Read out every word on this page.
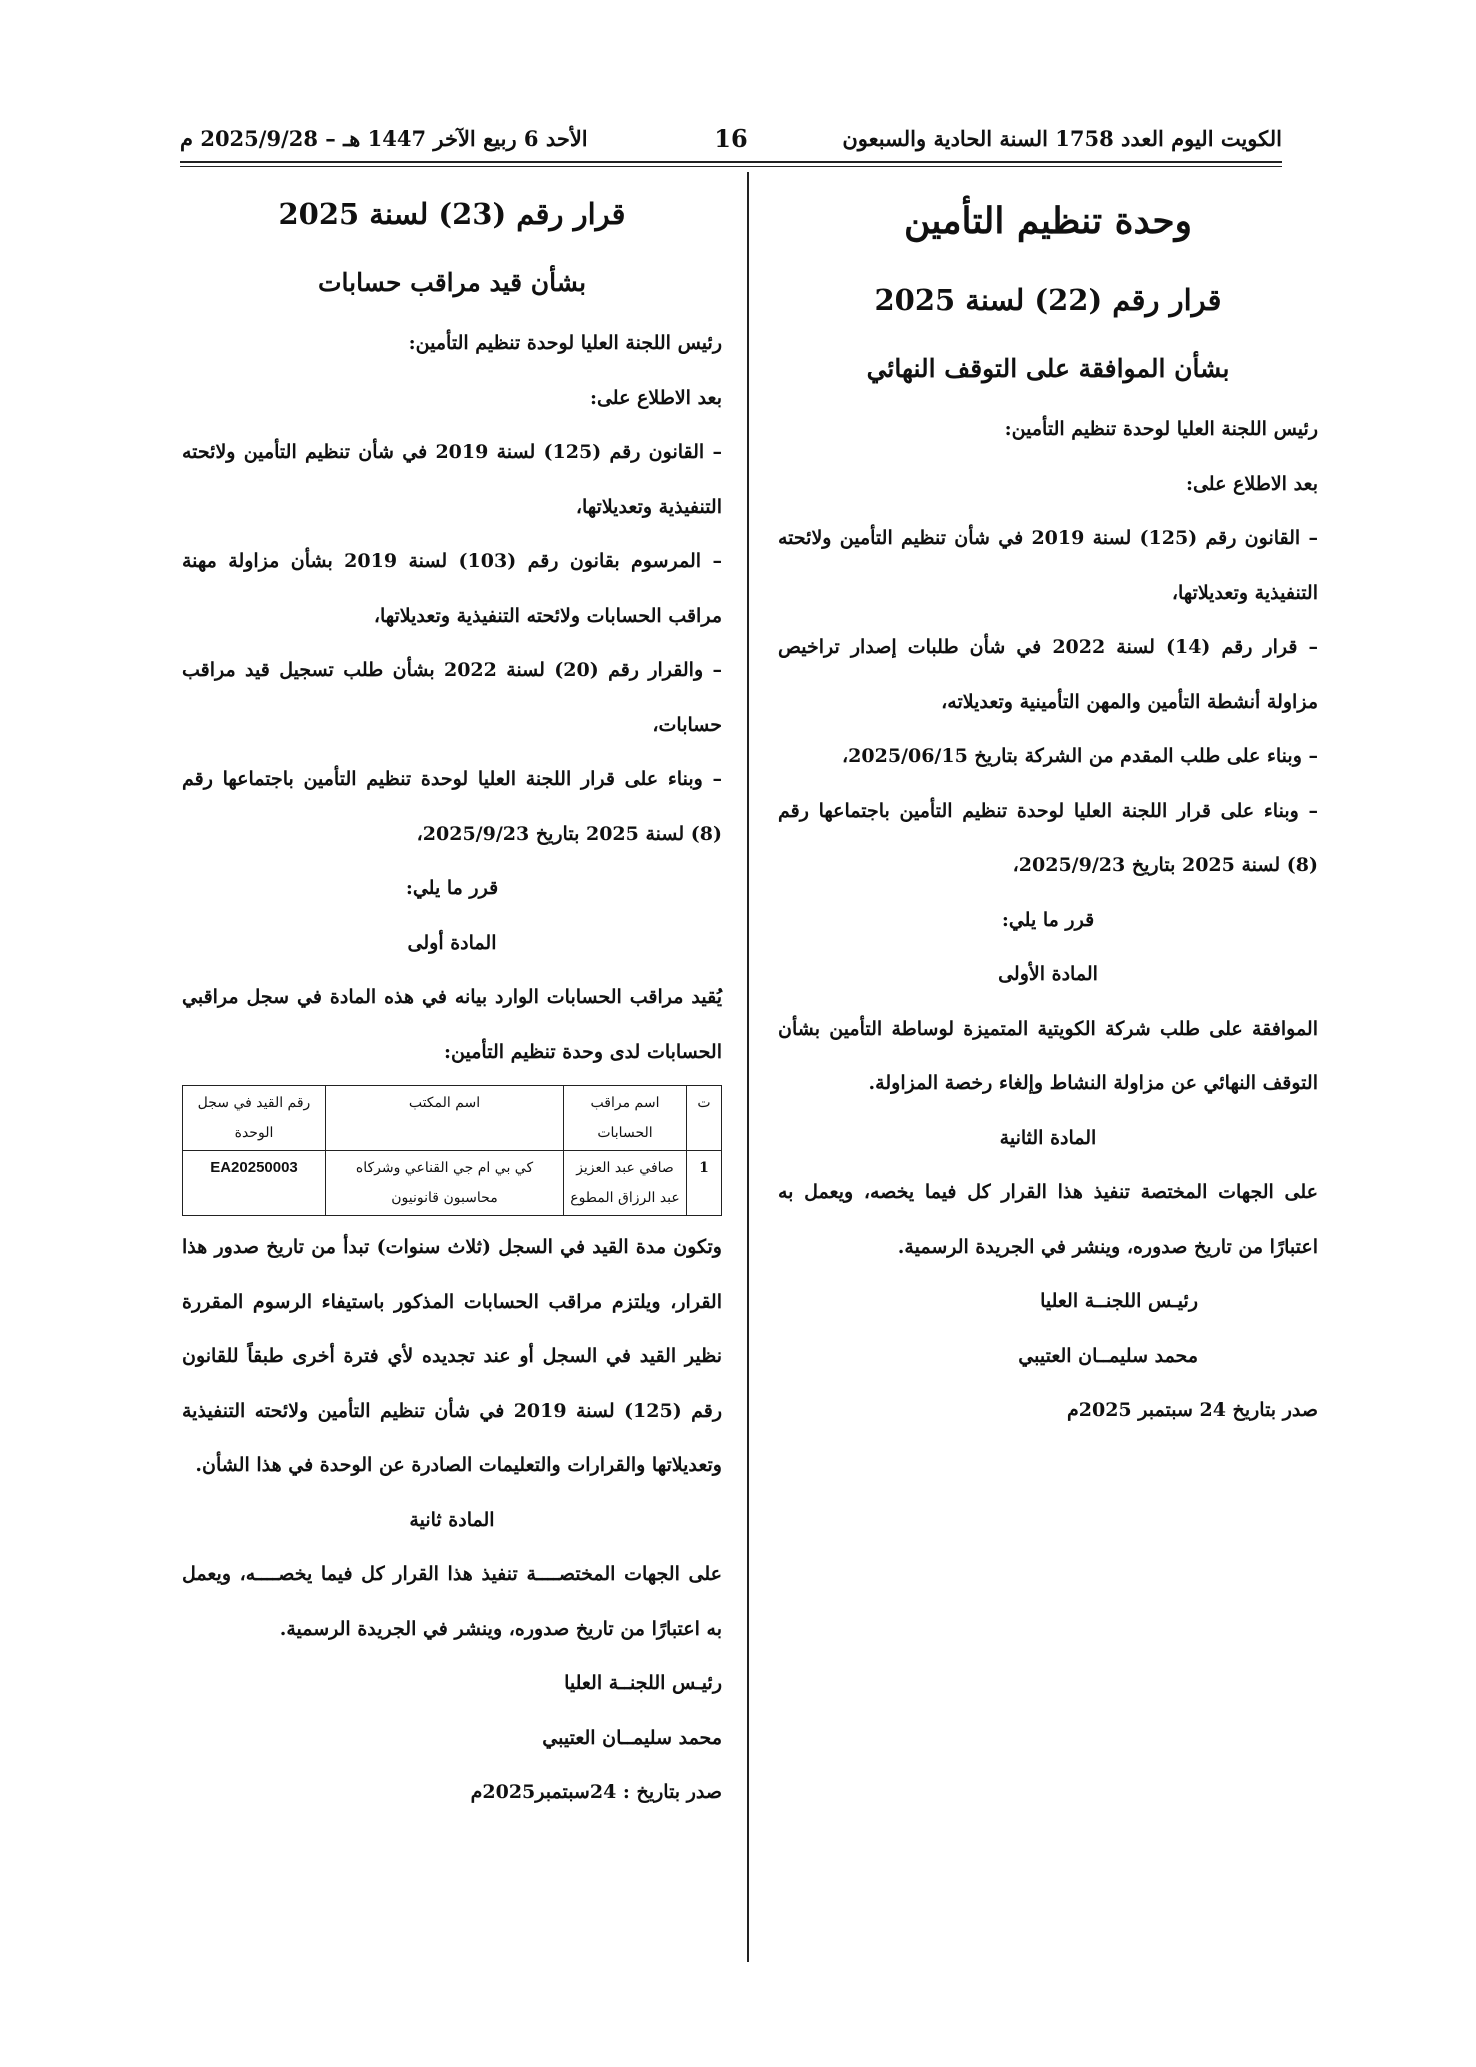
الكويت اليوم العدد 1758 السنة الحادية والسبعون
16
الأحد 6 ربيع الآخر 1447 هـ – 2025/9/28 م

وحدة تنظيم التأمين

قرار رقم (22) لسنة 2025

بشأن الموافقة على التوقف النهائي

رئيس اللجنة العليا لوحدة تنظيم التأمين:

بعد الاطلاع على:

– القانون رقم (125) لسنة 2019 في شأن تنظيم التأمين ولائحته التنفيذية وتعديلاتها،

– قرار رقم (14) لسنة 2022 في شأن طلبات إصدار تراخيص مزاولة أنشطة التأمين والمهن التأمينية وتعديلاته،

– وبناء على طلب المقدم من الشركة بتاريخ 2025/06/15،

– وبناء على قرار اللجنة العليا لوحدة تنظيم التأمين باجتماعها رقم (8) لسنة 2025 بتاريخ 2025/9/23،

قرر ما يلي:

المادة الأولى

الموافقة على طلب شركة الكويتية المتميزة لوساطة التأمين بشأن التوقف النهائي عن مزاولة النشاط وإلغاء رخصة المزاولة.

المادة الثانية

على الجهات المختصة تنفيذ هذا القرار كل فيما يخصه، ويعمل به اعتبارًا من تاريخ صدوره، وينشر في الجريدة الرسمية.

رئيـس اللجنــة العليا

محمد سليمــان العتيبي

صدر بتاريخ 24 سبتمبر 2025م

قرار رقم (23) لسنة 2025

بشأن قيد مراقب حسابات

رئيس اللجنة العليا لوحدة تنظيم التأمين:

بعد الاطلاع على:

– القانون رقم (125) لسنة 2019 في شأن تنظيم التأمين ولائحته التنفيذية وتعديلاتها،

– المرسوم بقانون رقم (103) لسنة 2019 بشأن مزاولة مهنة مراقب الحسابات ولائحته التنفيذية وتعديلاتها،

– والقرار رقم (20) لسنة 2022 بشأن طلب تسجيل قيد مراقب حسابات،

– وبناء على قرار اللجنة العليا لوحدة تنظيم التأمين باجتماعها رقم (8) لسنة 2025 بتاريخ 2025/9/23،

قرر ما يلي:

المادة أولى

يُقيد مراقب الحسابات الوارد بيانه في هذه المادة في سجل مراقبي الحسابات لدى وحدة تنظيم التأمين:

ت	اسم مراقب الحسابات	اسم المكتب	رقم القيد في سجل الوحدة
1	صافي عبد العزيز عبد الرزاق المطوع	كي بي ام جي القناعي وشركاه محاسبون قانونيون	EA20250003

وتكون مدة القيد في السجل (ثلاث سنوات) تبدأ من تاريخ صدور هذا القرار، ويلتزم مراقب الحسابات المذكور باستيفاء الرسوم المقررة نظير القيد في السجل أو عند تجديده لأي فترة أخرى طبقاً للقانون رقم (125) لسنة 2019 في شأن تنظيم التأمين ولائحته التنفيذية وتعديلاتها والقرارات والتعليمات الصادرة عن الوحدة في هذا الشأن.

المادة ثانية

على الجهات المختصــــة تنفيذ هذا القرار كل فيما يخصــــه، ويعمل به اعتبارًا من تاريخ صدوره، وينشر في الجريدة الرسمية.

رئيـس اللجنــة العليا

محمد سليمــان العتيبي

صدر بتاريخ : 24سبتمبر2025م
